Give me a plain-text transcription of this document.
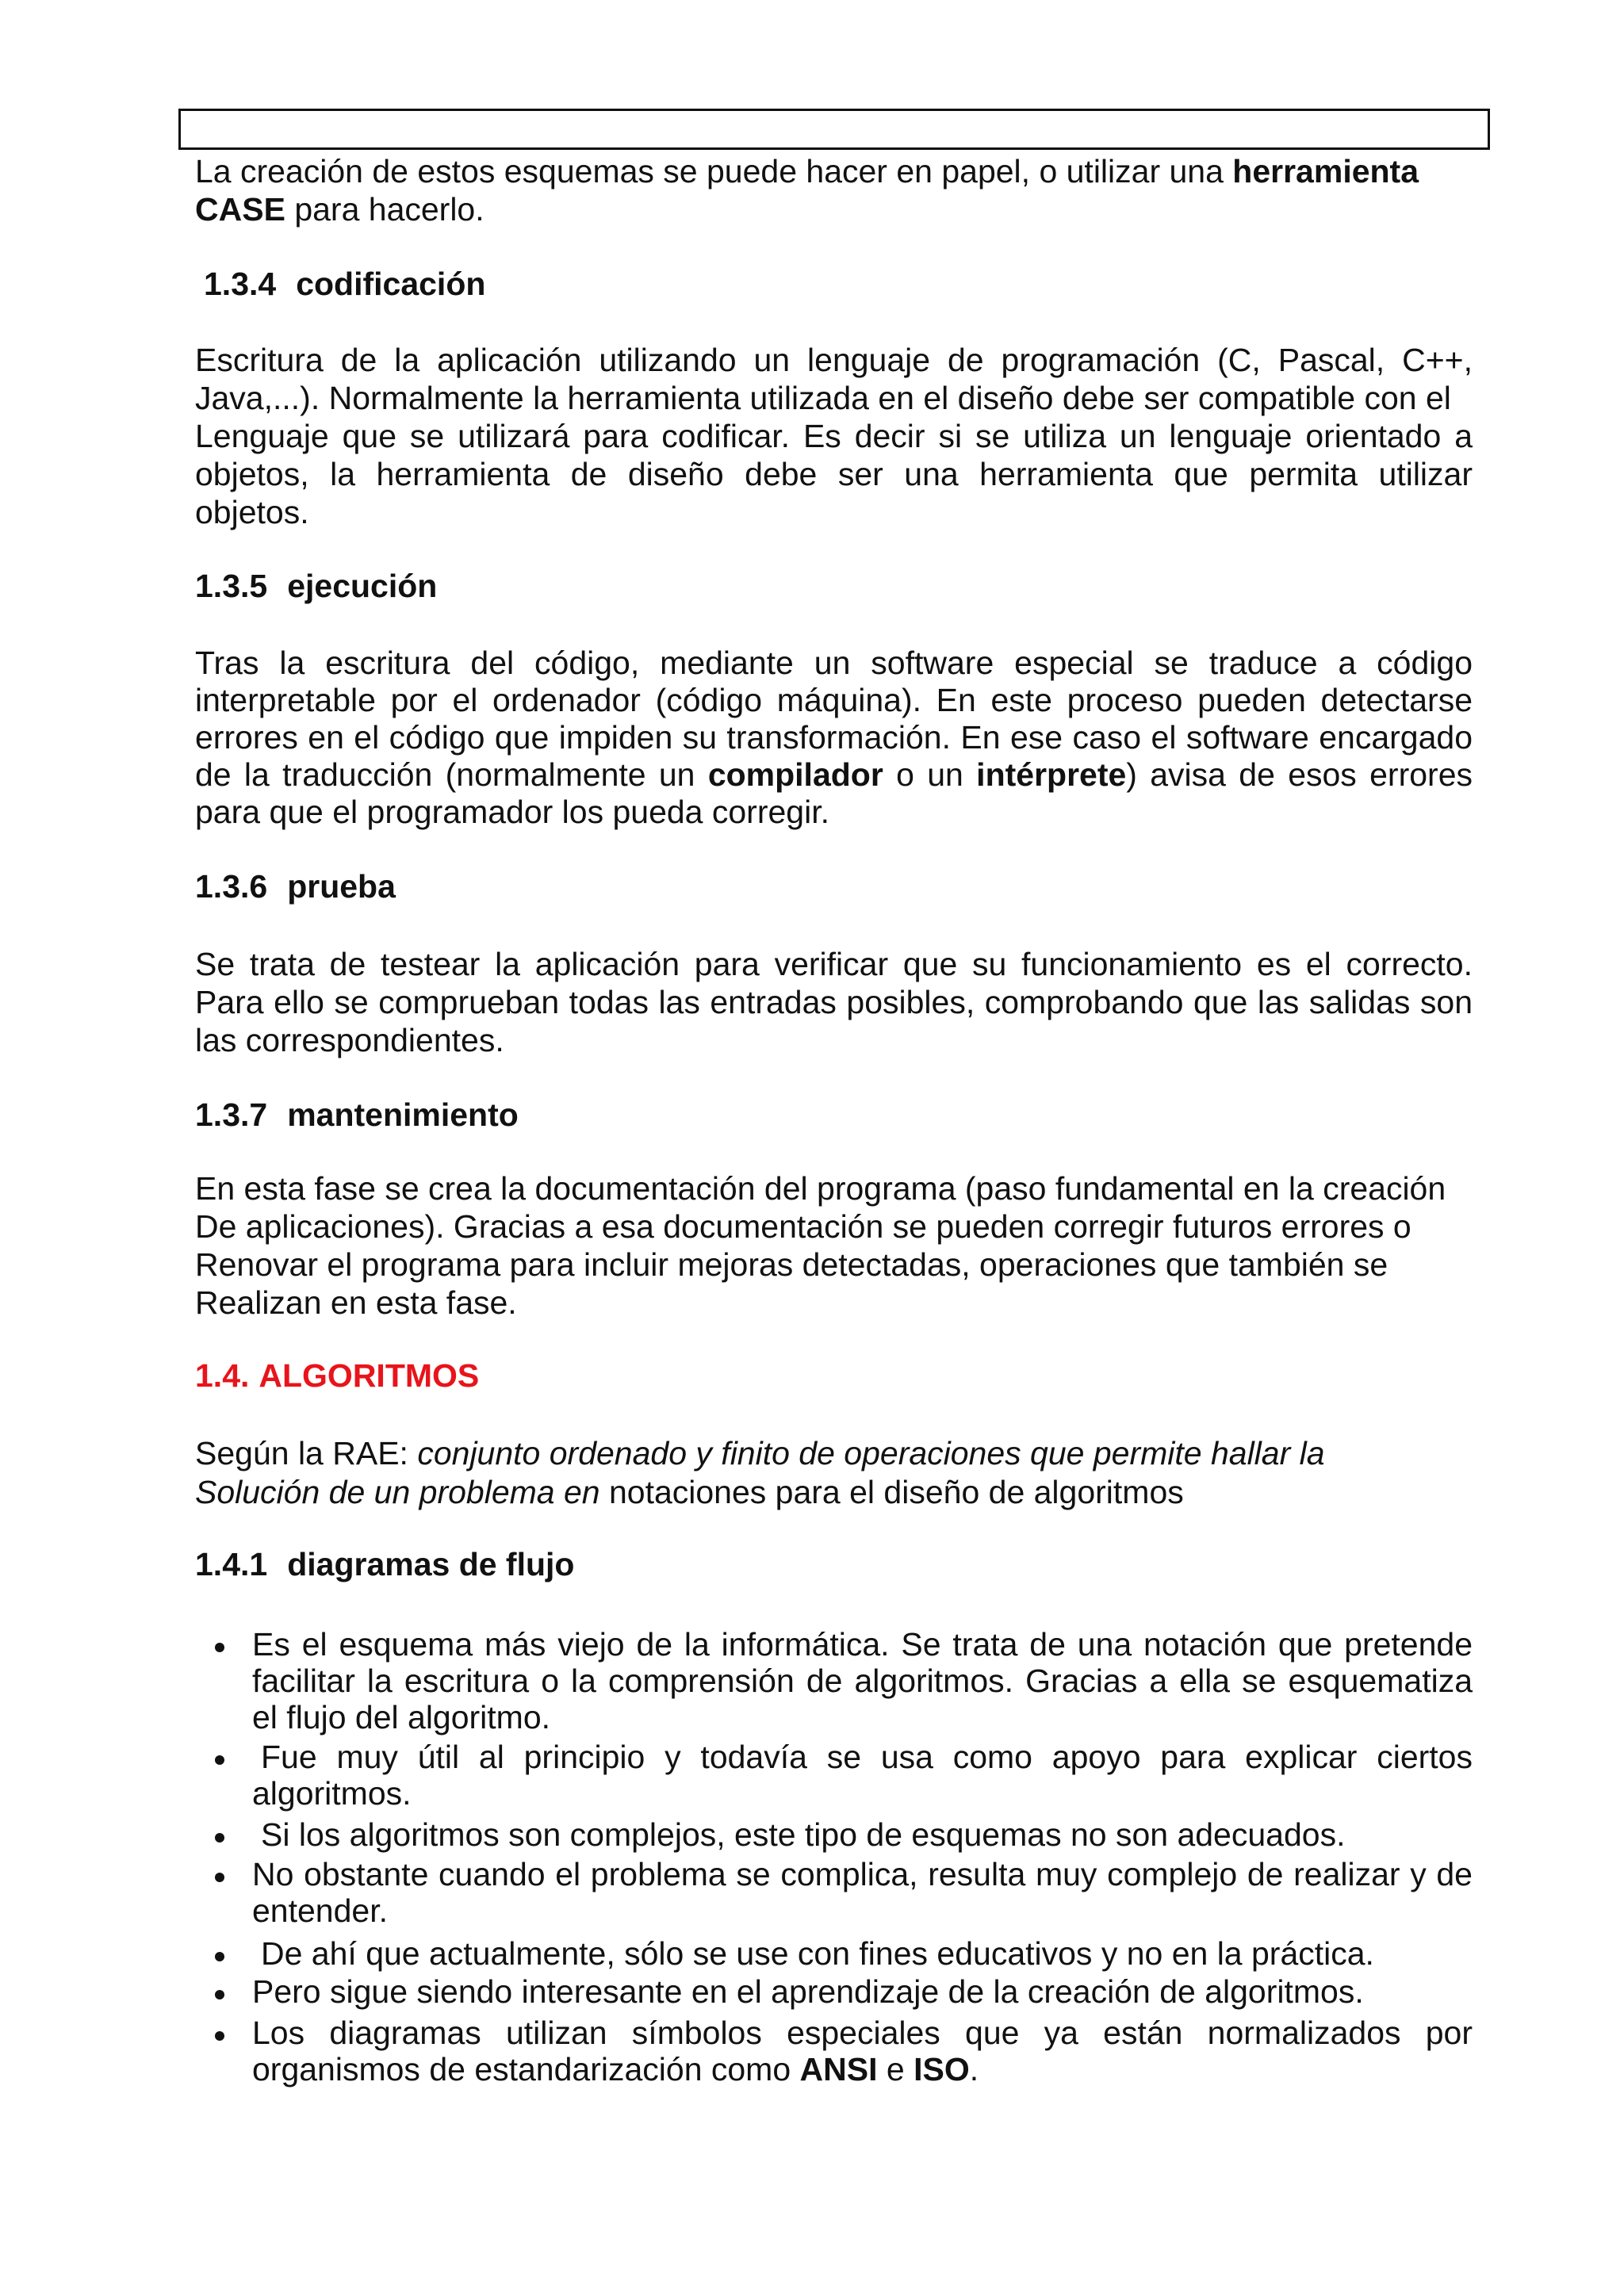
La creación de estos esquemas se puede hacer en papel, o utilizar una herramienta
CASE para hacerlo.
1.3.4 codificación
Escritura de la aplicación utilizando un lenguaje de programación (C, Pascal, C++,
Java,...). Normalmente la herramienta utilizada en el diseño debe ser compatible con el
Lenguaje que se utilizará para codificar. Es decir si se utiliza un lenguaje orientado a
objetos, la herramienta de diseño debe ser una herramienta que permita utilizar
objetos.
1.3.5 ejecución
Tras la escritura del código, mediante un software especial se traduce a código
interpretable por el ordenador (código máquina). En este proceso pueden detectarse
errores en el código que impiden su transformación. En ese caso el software encargado
de la traducción (normalmente un compilador o un intérprete) avisa de esos errores
para que el programador los pueda corregir.
1.3.6 prueba
Se trata de testear la aplicación para verificar que su funcionamiento es el correcto.
Para ello se comprueban todas las entradas posibles, comprobando que las salidas son
las correspondientes.
1.3.7 mantenimiento
En esta fase se crea la documentación del programa (paso fundamental en la creación
De aplicaciones). Gracias a esa documentación se pueden corregir futuros errores o
Renovar el programa para incluir mejoras detectadas, operaciones que también se
Realizan en esta fase.
1.4. ALGORITMOS
Según la RAE: conjunto ordenado y finito de operaciones que permite hallar la
Solución de un problema en notaciones para el diseño de algoritmos
1.4.1 diagramas de flujo
Es el esquema más viejo de la informática. Se trata de una notación que pretende
facilitar la escritura o la comprensión de algoritmos. Gracias a ella se esquematiza
el flujo del algoritmo.
Fue muy útil al principio y todavía se usa como apoyo para explicar ciertos
algoritmos.
Si los algoritmos son complejos, este tipo de esquemas no son adecuados.
No obstante cuando el problema se complica, resulta muy complejo de realizar y de
entender.
De ahí que actualmente, sólo se use con fines educativos y no en la práctica.
Pero sigue siendo interesante en el aprendizaje de la creación de algoritmos.
Los diagramas utilizan símbolos especiales que ya están normalizados por
organismos de estandarización como ANSI e ISO.
